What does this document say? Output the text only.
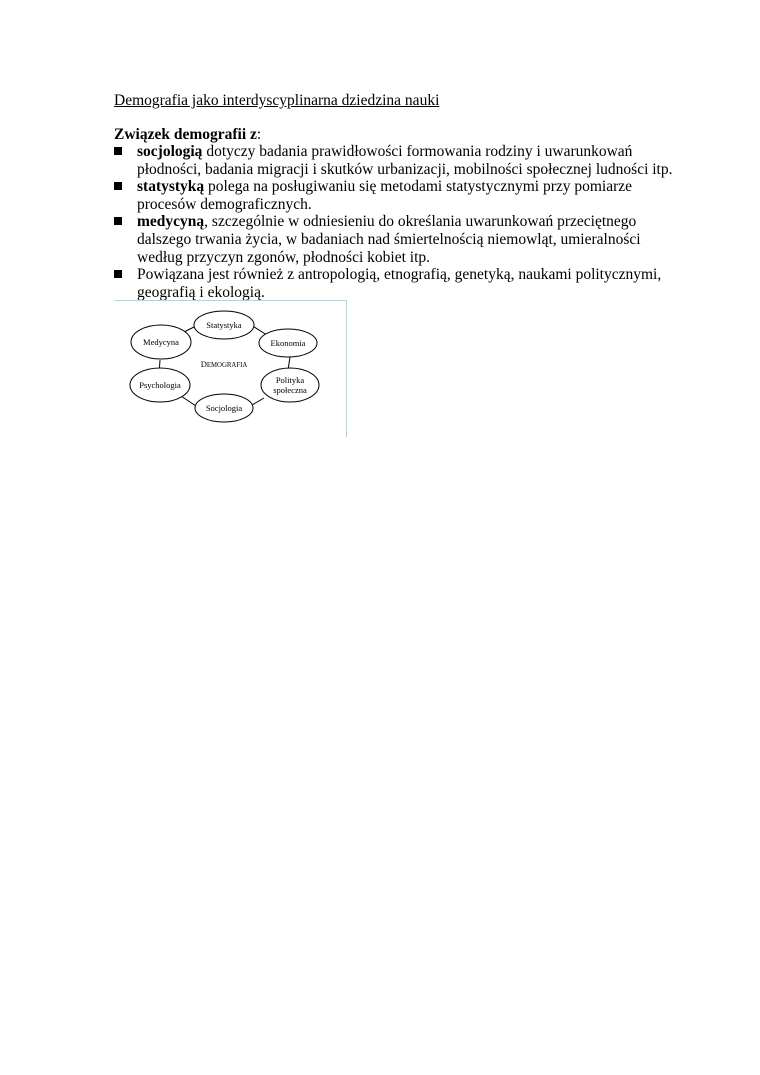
Demografia jako interdyscyplinarna dziedzina nauki
Związek demografii z:
socjologią dotyczy badania prawidłowości formowania rodziny i uwarunkowań
płodności, badania migracji i skutków urbanizacji, mobilności społecznej ludności itp.
statystyką polega na posługiwaniu się metodami statystycznymi przy pomiarze
procesów demograficznych.
medycyną, szczególnie w odniesieniu do określania uwarunkowań przeciętnego
dalszego trwania życia, w badaniach nad śmiertelnością niemowląt, umieralności
według przyczyn zgonów, płodności kobiet itp.
Powiązana jest również z antropologią, etnografią, genetyką, naukami politycznymi,
geografią i ekologią.
Statystyka
Ekonomia
Polityka
społeczna
Socjologia
Psychologia
Medycyna
DEMOGRAFIA
